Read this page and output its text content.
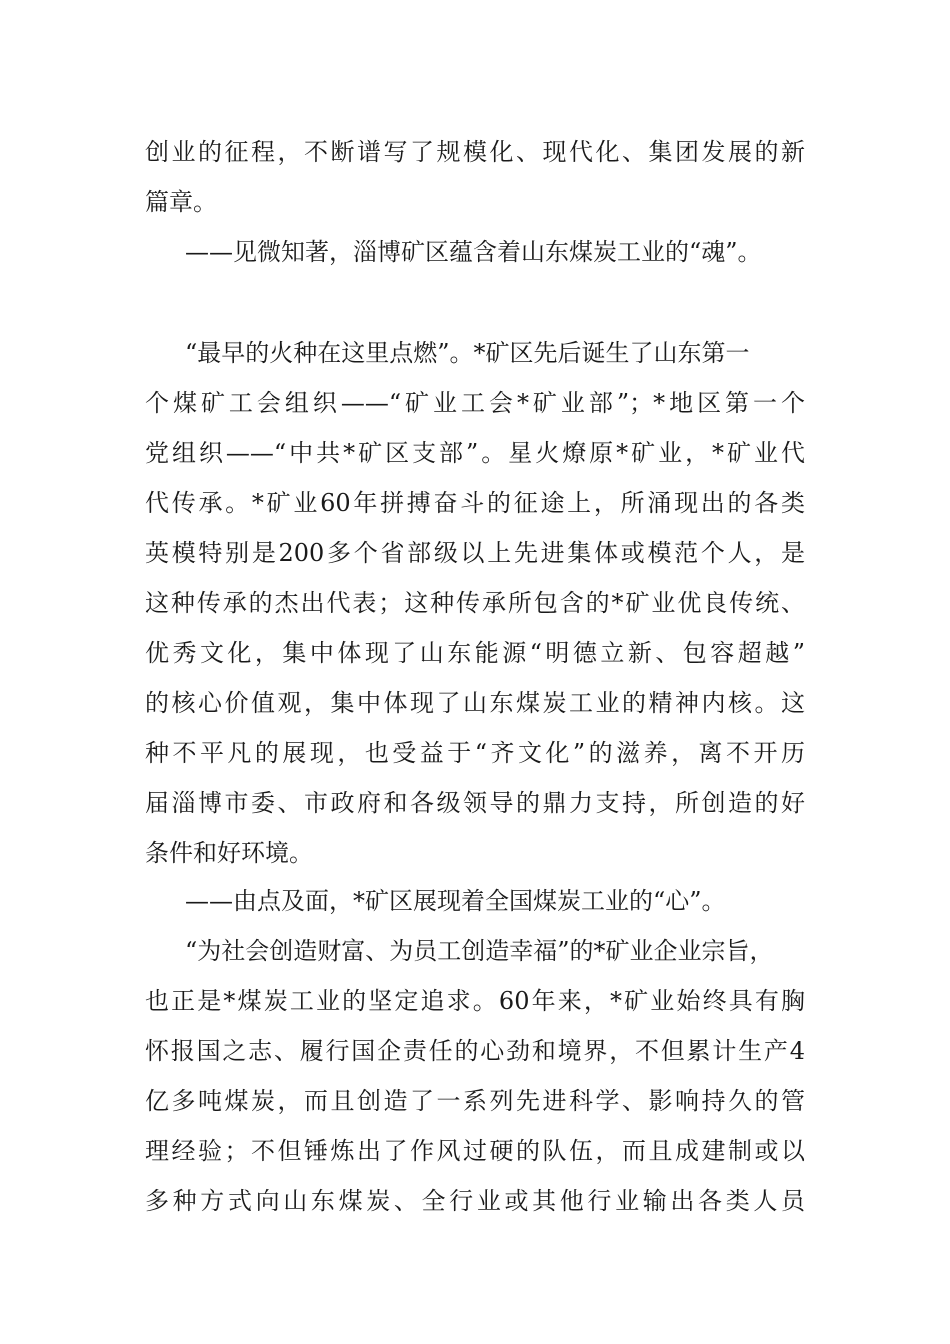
创业的征程，不断谱写了规模化、现代化、集团发展的新

篇章。

——见微知著，淄博矿区蕴含着山东煤炭工业的“魂”。

“最早的火种在这里点燃”。*矿区先后诞生了山东第一

个煤矿工会组织——“矿业工会*矿业部”；*地区第一个

党组织——“中共*矿区支部”。星火燎原*矿业，*矿业代

代传承。*矿业60年拼搏奋斗的征途上，所涌现出的各类

英模特别是200多个省部级以上先进集体或模范个人，是

这种传承的杰出代表；这种传承所包含的*矿业优良传统、

优秀文化，集中体现了山东能源“明德立新、包容超越”

的核心价值观，集中体现了山东煤炭工业的精神内核。这

种不平凡的展现，也受益于“齐文化”的滋养，离不开历

届淄博市委、市政府和各级领导的鼎力支持，所创造的好

条件和好环境。

——由点及面，*矿区展现着全国煤炭工业的“心”。

“为社会创造财富、为员工创造幸福”的*矿业企业宗旨，

也正是*煤炭工业的坚定追求。60年来，*矿业始终具有胸

怀报国之志、履行国企责任的心劲和境界，不但累计生产4

亿多吨煤炭，而且创造了一系列先进科学、影响持久的管

理经验；不但锤炼出了作风过硬的队伍，而且成建制或以

多种方式向山东煤炭、全行业或其他行业输出各类人员
